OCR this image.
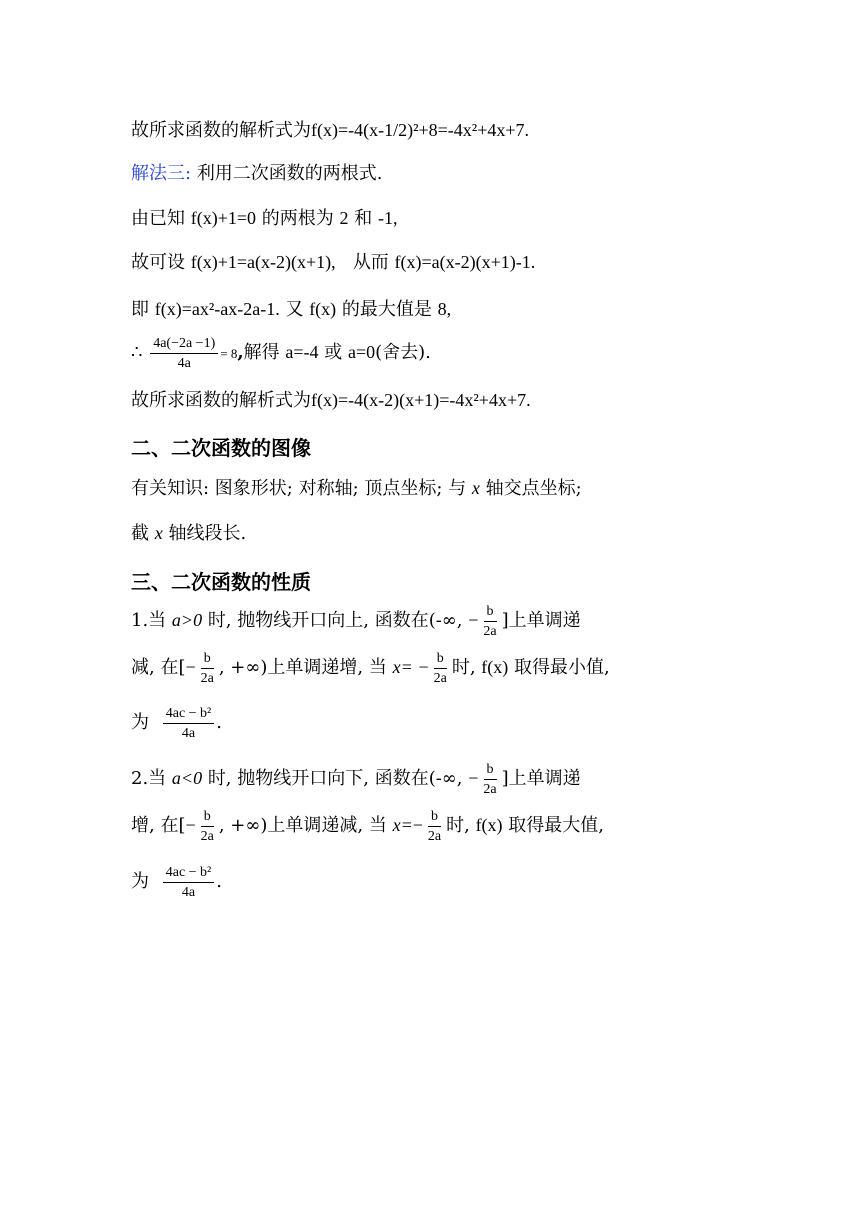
故所求函数的解析式为f(x)=-4(x-1/2)²+8=-4x²+4x+7.
解法三: 利用二次函数的两根式.
由已知 f(x)+1=0 的两根为 2 和 -1,
故可设 f(x)+1=a(x-2)(x+1), 从而 f(x)=a(x-2)(x+1)-1.
即 f(x)=ax²-ax-2a-1. 又 f(x) 的最大值是 8,
∴ $\frac{4a(-2a -1)}{4a} = 8$,解得 a=-4 或 a=0(舍去).
故所求函数的解析式为f(x)=-4(x-2)(x+1)=-4x²+4x+7.
二、二次函数的图像
有关知识: 图象形状; 对称轴; 顶点坐标; 与 x 轴交点坐标;
截 x 轴线段长.
三、二次函数的性质
1.当 a>0 时, 抛物线开口向上, 函数在(-∞, − $\frac{b}{2a}$ ]上单调递
减, 在[− $\frac{b}{2a}$ , +∞)上单调递增, 当 $x= - \frac{b}{2a}$ 时, f(x) 取得最小值,
为 $\frac{\text{4ac − b²}}{4a}$ .
2.当 a<0 时, 抛物线开口向下, 函数在(-∞, − $\frac{b}{2a}$ ]上单调递
增, 在[− $\frac{b}{2a}$ , +∞)上单调递减, 当 $x=- \frac{b}{2a}$ 时, f(x) 取得最大值,
为 $\frac{\text{4ac − b²}}{4a}$ .
